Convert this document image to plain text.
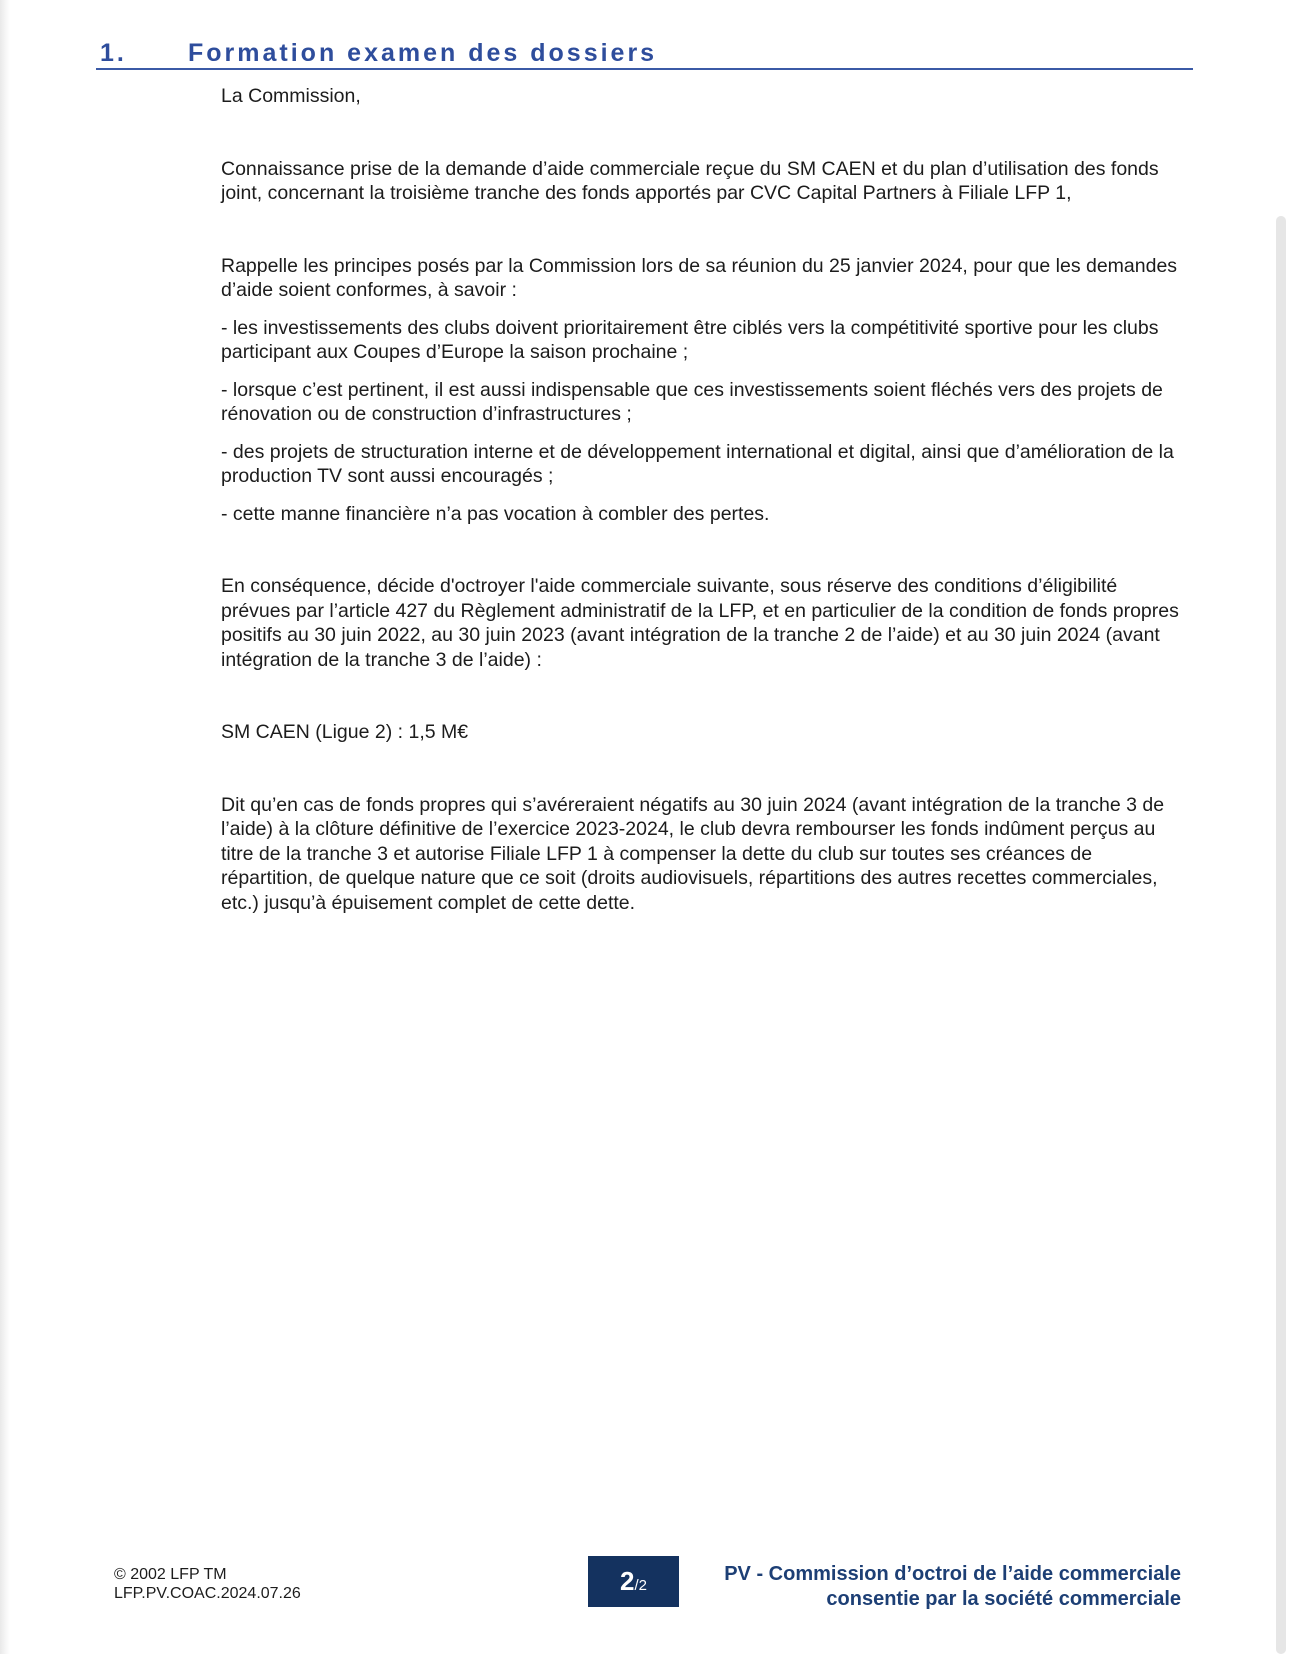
1. Formation examen des dossiers

La Commission,

Connaissance prise de la demande d’aide commerciale reçue du SM CAEN et du plan d’utilisation des fonds joint, concernant la troisième tranche des fonds apportés par CVC Capital Partners à Filiale LFP 1,

Rappelle les principes posés par la Commission lors de sa réunion du 25 janvier 2024, pour que les demandes d’aide soient conformes, à savoir :

- les investissements des clubs doivent prioritairement être ciblés vers la compétitivité sportive pour les clubs participant aux Coupes d’Europe la saison prochaine ;

- lorsque c’est pertinent, il est aussi indispensable que ces investissements soient fléchés vers des projets de rénovation ou de construction d’infrastructures ;

- des projets de structuration interne et de développement international et digital, ainsi que d’amélioration de la production TV sont aussi encouragés ;

- cette manne financière n’a pas vocation à combler des pertes.

En conséquence, décide d'octroyer l'aide commerciale suivante, sous réserve des conditions d’éligibilité prévues par l’article 427 du Règlement administratif de la LFP, et en particulier de la condition de fonds propres positifs au 30 juin 2022, au 30 juin 2023 (avant intégration de la tranche 2 de l’aide) et au 30 juin 2024 (avant intégration de la tranche 3 de l’aide) :

SM CAEN (Ligue 2) : 1,5 M€

Dit qu’en cas de fonds propres qui s’avéreraient négatifs au 30 juin 2024 (avant intégration de la tranche 3 de l’aide) à la clôture définitive de l’exercice 2023-2024, le club devra rembourser les fonds indûment perçus au titre de la tranche 3 et autorise Filiale LFP 1 à compenser la dette du club sur toutes ses créances de répartition, de quelque nature que ce soit (droits audiovisuels, répartitions des autres recettes commerciales, etc.) jusqu’à épuisement complet de cette dette.

© 2002 LFP TM
LFP.PV.COAC.2024.07.26	2/2
PV - Commission d’octroi de l’aide commerciale
consentie par la société commerciale
